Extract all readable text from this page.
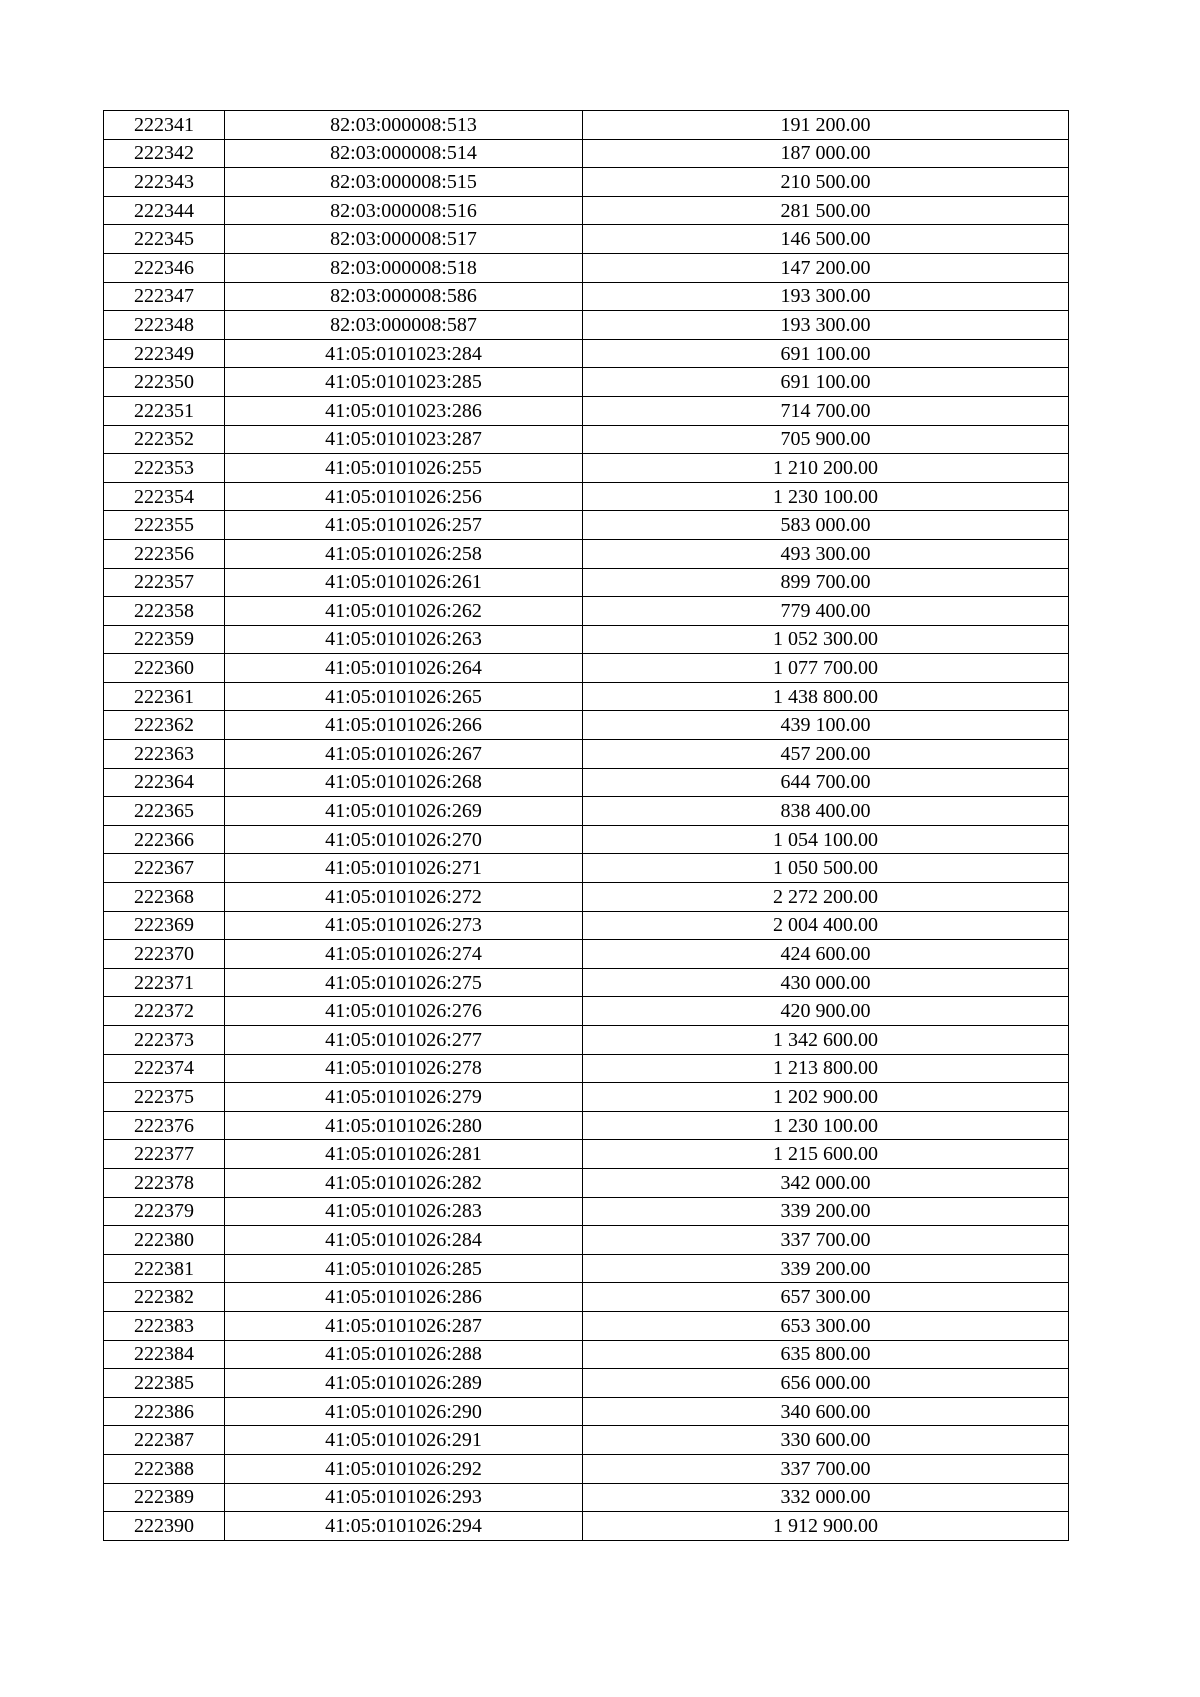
222341	82:03:000008:513	191 200.00
222342	82:03:000008:514	187 000.00
222343	82:03:000008:515	210 500.00
222344	82:03:000008:516	281 500.00
222345	82:03:000008:517	146 500.00
222346	82:03:000008:518	147 200.00
222347	82:03:000008:586	193 300.00
222348	82:03:000008:587	193 300.00
222349	41:05:0101023:284	691 100.00
222350	41:05:0101023:285	691 100.00
222351	41:05:0101023:286	714 700.00
222352	41:05:0101023:287	705 900.00
222353	41:05:0101026:255	1 210 200.00
222354	41:05:0101026:256	1 230 100.00
222355	41:05:0101026:257	583 000.00
222356	41:05:0101026:258	493 300.00
222357	41:05:0101026:261	899 700.00
222358	41:05:0101026:262	779 400.00
222359	41:05:0101026:263	1 052 300.00
222360	41:05:0101026:264	1 077 700.00
222361	41:05:0101026:265	1 438 800.00
222362	41:05:0101026:266	439 100.00
222363	41:05:0101026:267	457 200.00
222364	41:05:0101026:268	644 700.00
222365	41:05:0101026:269	838 400.00
222366	41:05:0101026:270	1 054 100.00
222367	41:05:0101026:271	1 050 500.00
222368	41:05:0101026:272	2 272 200.00
222369	41:05:0101026:273	2 004 400.00
222370	41:05:0101026:274	424 600.00
222371	41:05:0101026:275	430 000.00
222372	41:05:0101026:276	420 900.00
222373	41:05:0101026:277	1 342 600.00
222374	41:05:0101026:278	1 213 800.00
222375	41:05:0101026:279	1 202 900.00
222376	41:05:0101026:280	1 230 100.00
222377	41:05:0101026:281	1 215 600.00
222378	41:05:0101026:282	342 000.00
222379	41:05:0101026:283	339 200.00
222380	41:05:0101026:284	337 700.00
222381	41:05:0101026:285	339 200.00
222382	41:05:0101026:286	657 300.00
222383	41:05:0101026:287	653 300.00
222384	41:05:0101026:288	635 800.00
222385	41:05:0101026:289	656 000.00
222386	41:05:0101026:290	340 600.00
222387	41:05:0101026:291	330 600.00
222388	41:05:0101026:292	337 700.00
222389	41:05:0101026:293	332 000.00
222390	41:05:0101026:294	1 912 900.00
